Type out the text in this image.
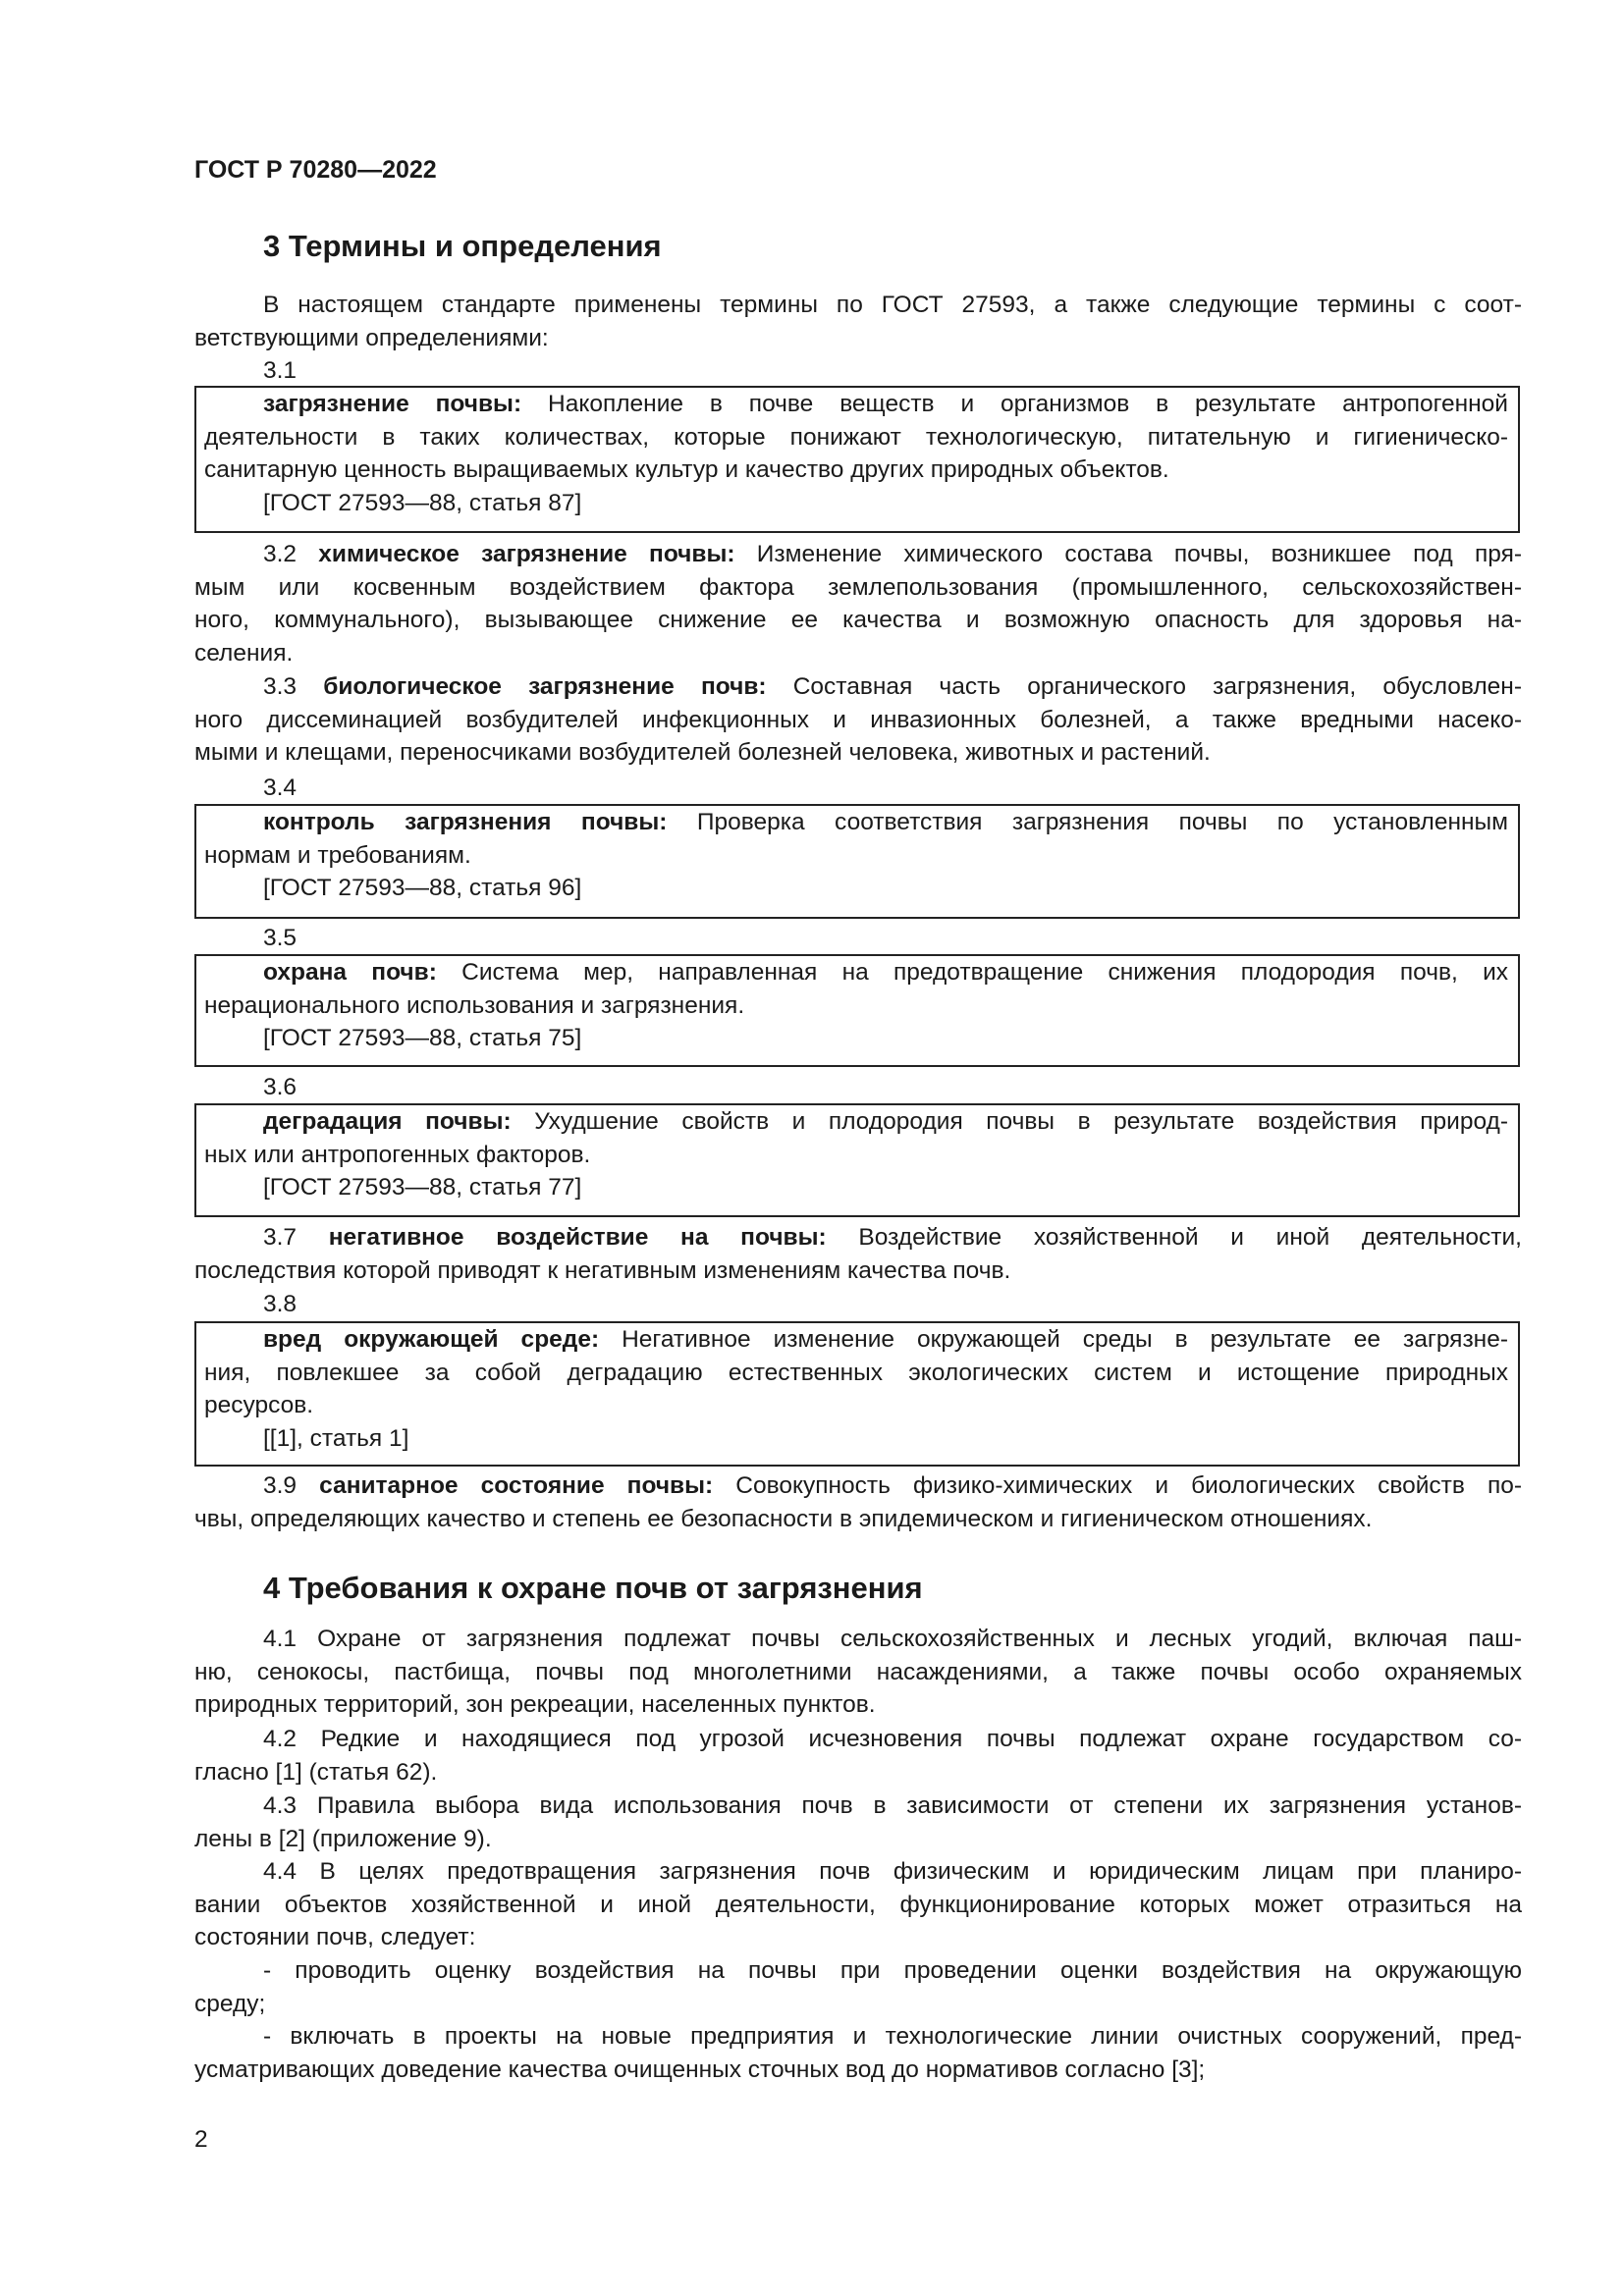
ГОСТ Р 70280—2022
3 Термины и определения
В настоящем стандарте применены термины по ГОСТ 27593, а также следующие термины с соот-
ветствующими определениями:
3.1
загрязнение почвы: Накопление в почве веществ и организмов в результате антропогенной
деятельности в таких количествах, которые понижают технологическую, питательную и гигиеническо-
санитарную ценность выращиваемых культур и качество других природных объектов.
[ГОСТ 27593—88, статья 87]
3.2 химическое загрязнение почвы: Изменение химического состава почвы, возникшее под пря-
мым или косвенным воздействием фактора землепользования (промышленного, сельскохозяйствен-
ного, коммунального), вызывающее снижение ее качества и возможную опасность для здоровья на-
селения.
3.3 биологическое загрязнение почв: Составная часть органического загрязнения, обусловлен-
ного диссеминацией возбудителей инфекционных и инвазионных болезней, а также вредными насеко-
мыми и клещами, переносчиками возбудителей болезней человека, животных и растений.
3.4
контроль загрязнения почвы: Проверка соответствия загрязнения почвы по установленным
нормам и требованиям.
[ГОСТ 27593—88, статья 96]
3.5
охрана почв: Система мер, направленная на предотвращение снижения плодородия почв, их
нерационального использования и загрязнения.
[ГОСТ 27593—88, статья 75]
3.6
деградация почвы: Ухудшение свойств и плодородия почвы в результате воздействия природ-
ных или антропогенных факторов.
[ГОСТ 27593—88, статья 77]
3.7 негативное воздействие на почвы: Воздействие хозяйственной и иной деятельности,
последствия которой приводят к негативным изменениям качества почв.
3.8
вред окружающей среде: Негативное изменение окружающей среды в результате ее загрязне-
ния, повлекшее за собой деградацию естественных экологических систем и истощение природных
ресурсов.
[[1], статья 1]
3.9 санитарное состояние почвы: Совокупность физико-химических и биологических свойств по-
чвы, определяющих качество и степень ее безопасности в эпидемическом и гигиеническом отношениях.
4 Требования к охране почв от загрязнения
4.1 Охране от загрязнения подлежат почвы сельскохозяйственных и лесных угодий, включая паш-
ню, сенокосы, пастбища, почвы под многолетними насаждениями, а также почвы особо охраняемых
природных территорий, зон рекреации, населенных пунктов.
4.2 Редкие и находящиеся под угрозой исчезновения почвы подлежат охране государством со-
гласно [1] (статья 62).
4.3 Правила выбора вида использования почв в зависимости от степени их загрязнения установ-
лены в [2] (приложение 9).
4.4 В целях предотвращения загрязнения почв физическим и юридическим лицам при планиро-
вании объектов хозяйственной и иной деятельности, функционирование которых может отразиться на
состоянии почв, следует:
- проводить оценку воздействия на почвы при проведении оценки воздействия на окружающую
среду;
- включать в проекты на новые предприятия и технологические линии очистных сооружений, пред-
усматривающих доведение качества очищенных сточных вод до нормативов согласно [3];
2
